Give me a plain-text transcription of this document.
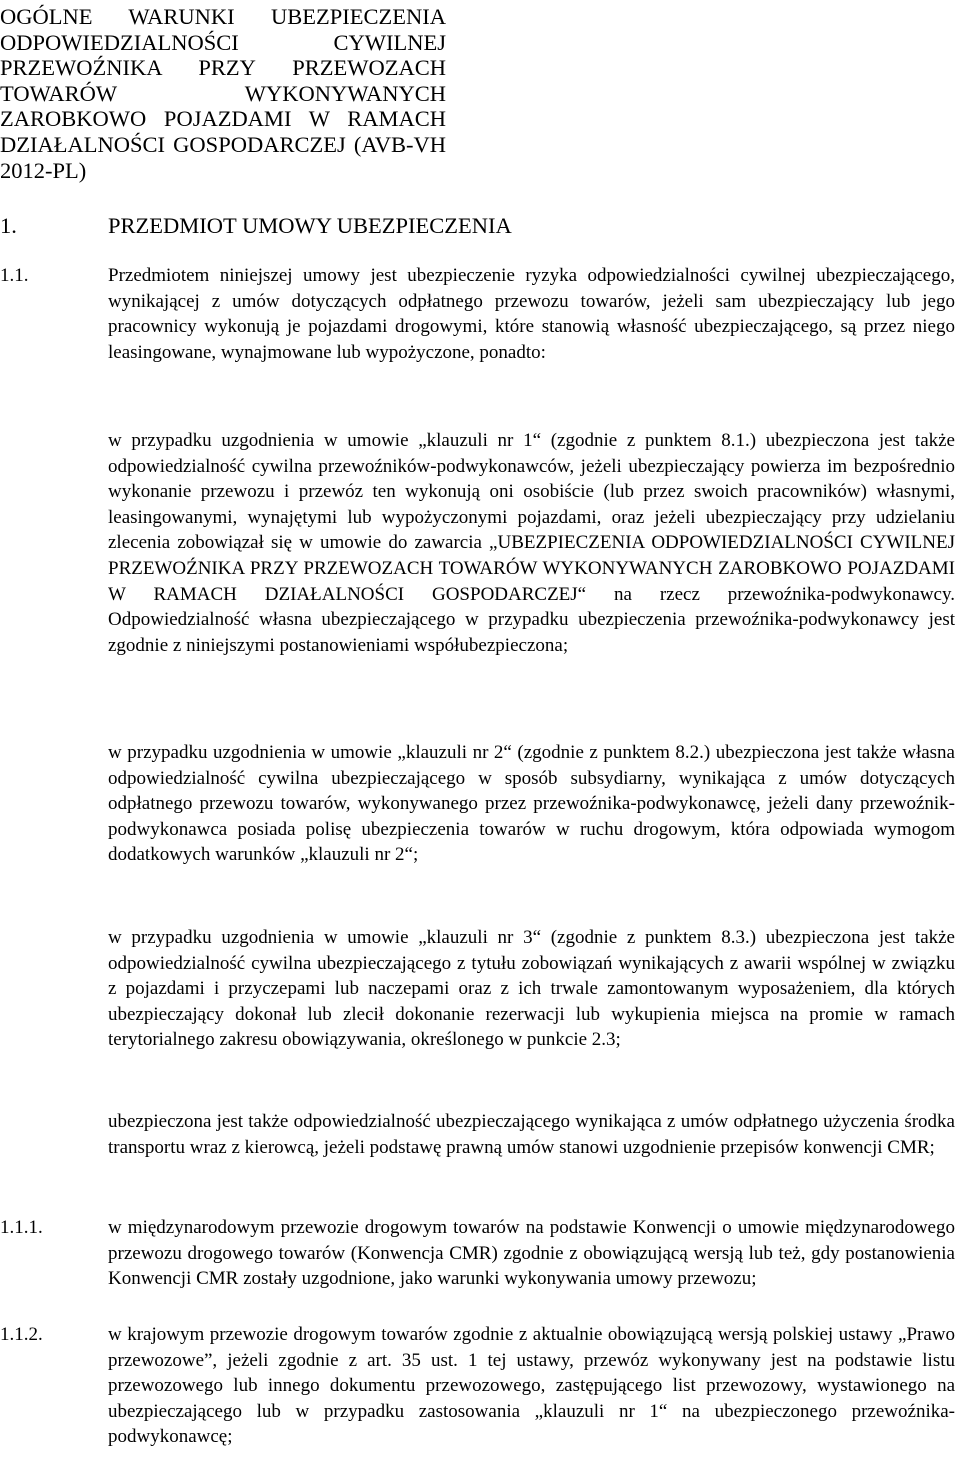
OGÓLNE WARUNKI UBEZPIECZENIA ODPOWIEDZIALNOŚCI CYWILNEJ PRZEWOŹNIKA PRZY PRZEWOZACH TOWARÓW WYKONYWANYCH ZAROBKOWO POJAZDAMI W RAMACH DZIAŁALNOŚCI GOSPODARCZEJ (AVB-VH 2012-PL)
1.	PRZEDMIOT UMOWY UBEZPIECZENIA
1.1.	Przedmiotem niniejszej umowy jest ubezpieczenie ryzyka odpowiedzialności cywilnej ubezpieczającego, wynikającej z umów dotyczących odpłatnego przewozu towarów, jeżeli sam ubezpieczający lub jego pracownicy wykonują je pojazdami drogowymi, które stanowią własność ubezpieczającego, są przez niego leasingowane, wynajmowane lub wypożyczone, ponadto:

w przypadku uzgodnienia w umowie „klauzuli nr 1“ (zgodnie z punktem 8.1.) ubezpieczona jest także odpowiedzialność cywilna przewoźników-podwykonawców, jeżeli ubezpieczający powierza im bezpośrednio wykonanie przewozu i przewóz ten wykonują oni osobiście (lub przez swoich pracowników) własnymi, leasingowanymi, wynajętymi lub wypożyczonymi pojazdami, oraz jeżeli ubezpieczający przy udzielaniu zlecenia zobowiązał się w umowie do zawarcia „UBEZPIECZENIA ODPOWIEDZIALNOŚCI CYWILNEJ PRZEWOŹNIKA PRZY PRZEWOZACH TOWARÓW WYKONYWANYCH ZAROBKOWO POJAZDAMI W RAMACH DZIAŁALNOŚCI GOSPODARCZEJ“ na rzecz przewoźnika-podwykonawcy. Odpowiedzialność własna ubezpieczającego w przypadku ubezpieczenia przewoźnika-podwykonawcy jest zgodnie z niniejszymi postanowieniami współubezpieczona;

w przypadku uzgodnienia w umowie „klauzuli nr 2“ (zgodnie z punktem 8.2.) ubezpieczona jest także własna odpowiedzialność cywilna ubezpieczającego w sposób subsydiarny, wynikająca z umów dotyczących odpłatnego przewozu towarów, wykonywanego przez przewoźnika-podwykonawcę, jeżeli dany przewoźnik-podwykonawca posiada polisę ubezpieczenia towarów w ruchu drogowym, która odpowiada wymogom dodatkowych warunków „klauzuli nr 2“;

w przypadku uzgodnienia w umowie „klauzuli nr 3“ (zgodnie z punktem 8.3.) ubezpieczona jest także odpowiedzialność cywilna ubezpieczającego z tytułu zobowiązań wynikających z awarii wspólnej w związku z pojazdami i przyczepami lub naczepami oraz z ich trwale zamontowanym wyposażeniem, dla których ubezpieczający dokonał lub zlecił dokonanie rezerwacji lub wykupienia miejsca na promie w ramach terytorialnego zakresu obowiązywania, określonego w punkcie 2.3;

ubezpieczona jest także odpowiedzialność ubezpieczającego wynikająca z umów odpłatnego użyczenia środka transportu wraz z kierowcą, jeżeli podstawę prawną umów stanowi uzgodnienie przepisów konwencji CMR;

1.1.1.	w międzynarodowym przewozie drogowym towarów na podstawie Konwencji o umowie międzynarodowego przewozu drogowego towarów (Konwencja CMR) zgodnie z obowiązującą wersją lub też, gdy postanowienia Konwencji CMR zostały uzgodnione, jako warunki wykonywania umowy przewozu;

1.1.2.	w krajowym przewozie drogowym towarów zgodnie z aktualnie obowiązującą wersją polskiej ustawy „Prawo przewozowe”, jeżeli zgodnie z art. 35 ust. 1 tej ustawy, przewóz wykonywany jest na podstawie listu przewozowego lub innego dokumentu przewozowego, zastępującego list przewozowy, wystawionego na ubezpieczającego lub w przypadku zastosowania „klauzuli nr 1“ na ubezpieczonego przewoźnika-podwykonawcę;
